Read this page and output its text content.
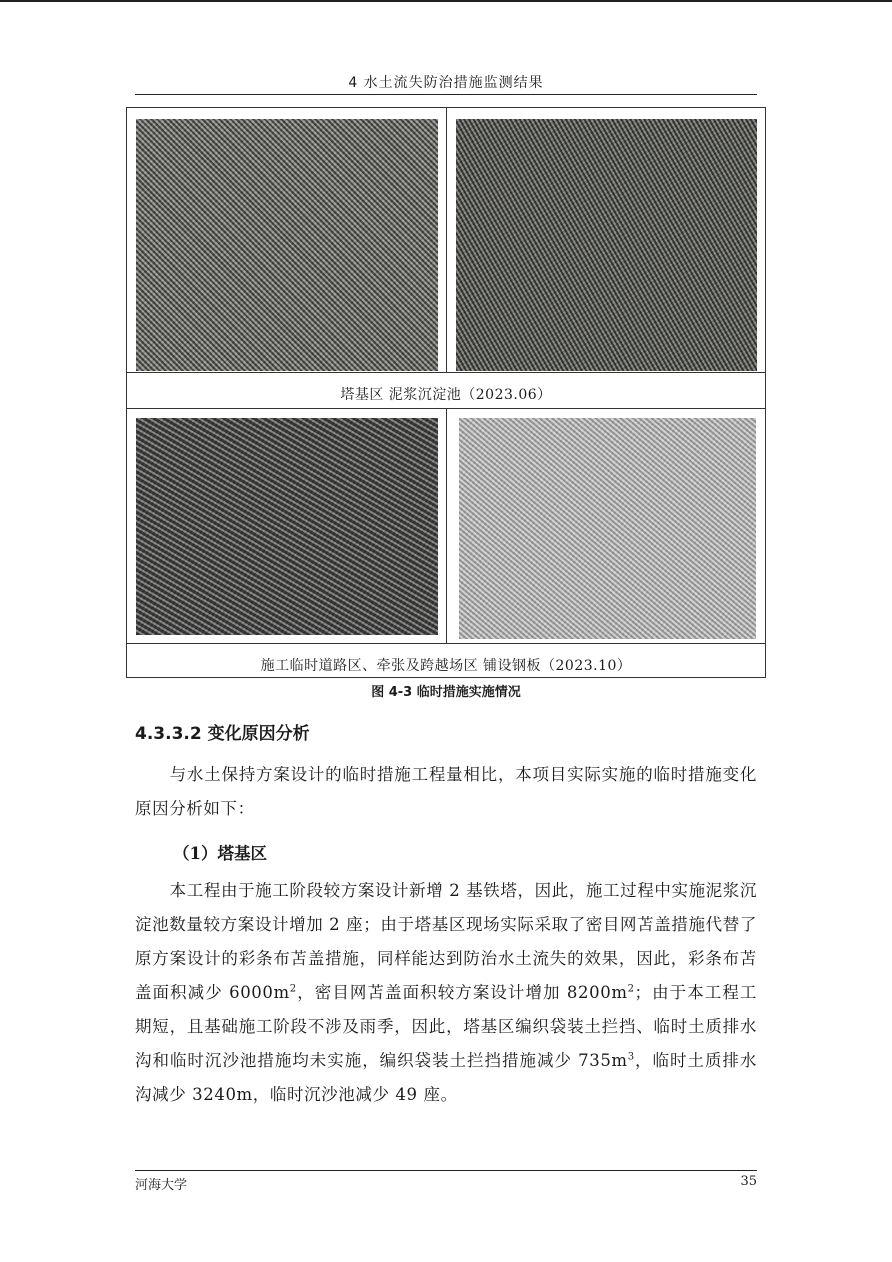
4 水土流失防治措施监测结果
塔基区 泥浆沉淀池（2023.06）
施工临时道路区、牵张及跨越场区 铺设钢板（2023.10）
图 4-3 临时措施实施情况
4.3.3.2 变化原因分析

与水土保持方案设计的临时措施工程量相比，本项目实际实施的临时措施变化原因分析如下：

（1）塔基区

本工程由于施工阶段较方案设计新增 2 基铁塔，因此，施工过程中实施泥浆沉淀池数量较方案设计增加 2 座；由于塔基区现场实际采取了密目网苫盖措施代替了原方案设计的彩条布苫盖措施，同样能达到防治水土流失的效果，因此，彩条布苫盖面积减少 $6000m^2$，密目网苫盖面积较方案设计增加 $8200m^2$；由于本工程工期短，且基础施工阶段不涉及雨季，因此，塔基区编织袋装土拦挡、临时土质排水沟和临时沉沙池措施均未实施，编织袋装土拦挡措施减少 $735m^3$，临时土质排水沟减少 3240m，临时沉沙池减少 49 座。

河海大学	35
